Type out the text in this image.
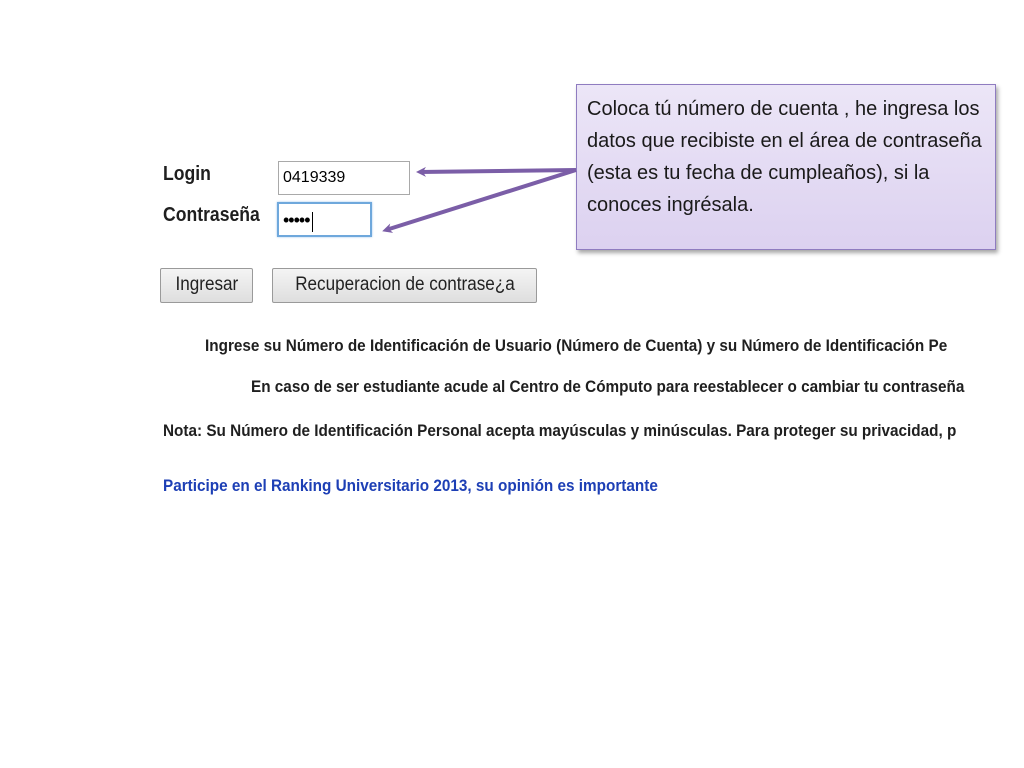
Login	0419339
Contraseña	•••••
Ingresar	Recuperacion de contrase¿a
Ingrese su Número de Identificación de Usuario (Número de Cuenta) y su Número de Identificación Pe
En caso de ser estudiante acude al Centro de Cómputo para reestablecer o cambiar tu contraseña
Nota: Su Número de Identificación Personal acepta mayúsculas y minúsculas. Para proteger su privacidad, p
Participe en el Ranking Universitario 2013, su opinión es importante
Coloca tú número de cuenta , he ingresa los datos que recibiste en el área de contraseña (esta es tu fecha de cumpleaños), si la conoces ingrésala.
